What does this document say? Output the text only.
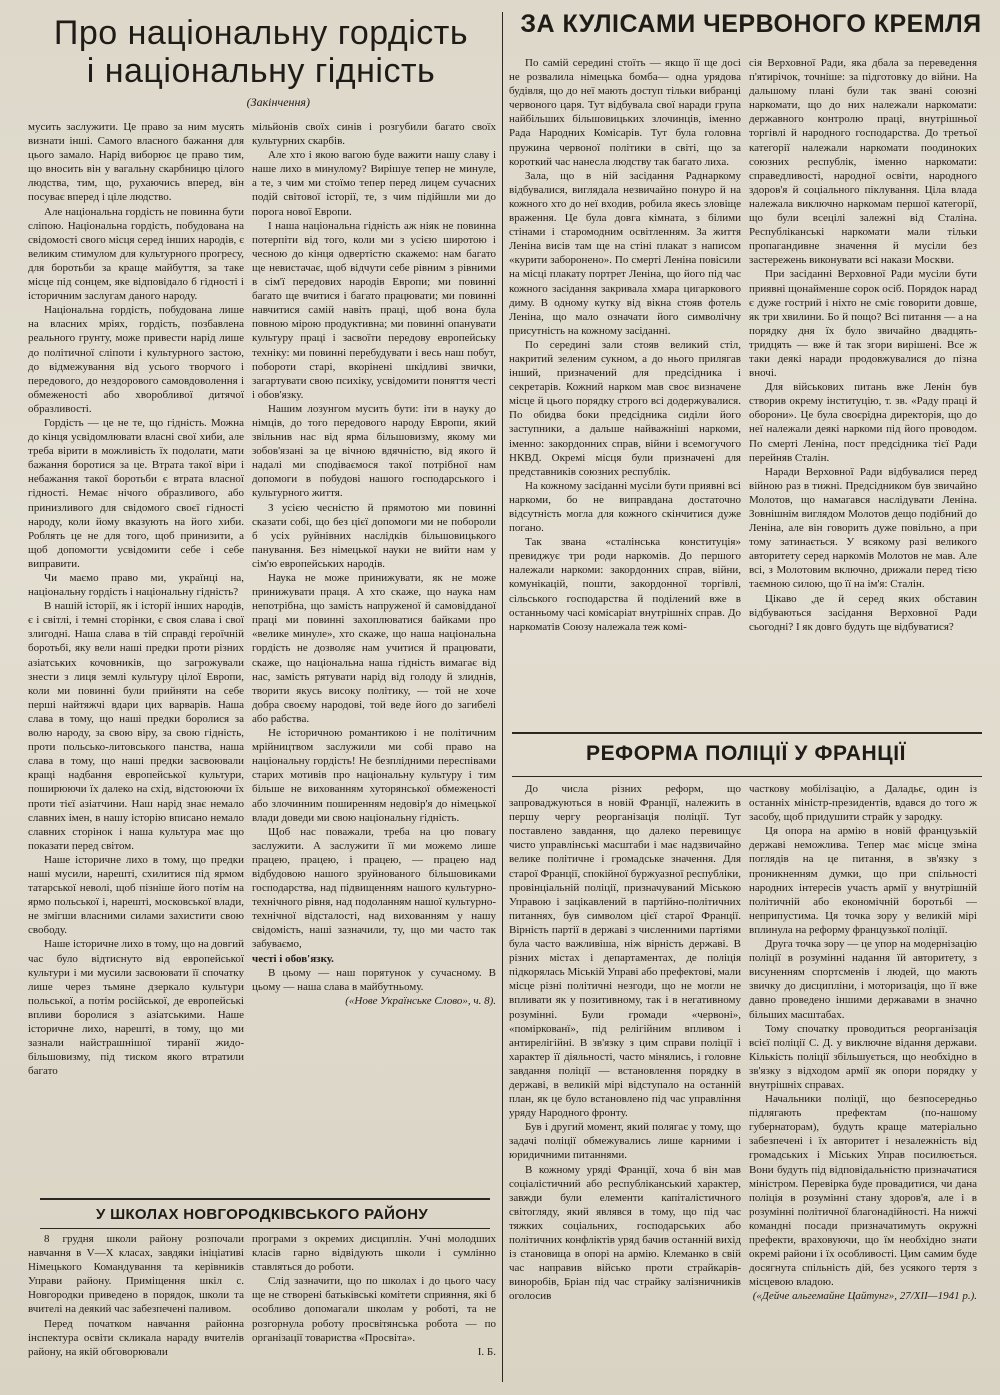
Про національну гордість
і національну гідність
(Закінчення)
ЗА КУЛІСАМИ ЧЕРВОНОГО КРЕМЛЯ

мусить заслужити. Це право за ним мусять визнати інші. Самого власного бажання для цього замало. Нарід виборює це право тим, що вносить він у вагальну скарбницю цілого людства, тим, що, рухаючись вперед, він посуває вперед і ціле людство.

Але національна гордість не повинна бути сліпою. Національна гордість, побудована на свідомості свого місця серед інших народів, є великим стимулом для культурного прогресу, для боротьби за краще майбуття, за таке місце під сонцем, яке відповідало б гідності і історичним заслугам даного народу.

Національна гордість, побудована лише на власних мріях, гордість, позбавлена реального грунту, може привести нарід лише до політичної сліпоти і культурного застою, до відмежування від усього творчого і передового, до нездорового самовдоволення і обмеженості або хворобливої дитячої образливості.

Гордість — це не те, що гідність. Можна до кінця усвідомлювати власні свої хиби, але треба вірити в можливість їх подолати, мати бажання боротися за це. Втрата такої віри і небажання такої боротьби є втрата власної гідності. Немає нічого образливого, або принизливого для свідомого своєї гідності народу, коли йому вказують на його хиби. Роблять це не для того, щоб принизити, а щоб допомогти усвідомити себе і себе виправити.

Чи маємо право ми, українці на, національну гордість і національну гідність?

В нашій історії, як і історії інших народів, є і світлі, і темні сторінки, є своя слава і свої злигодні. Наша слава в тій справді героїчній боротьбі, яку вели наші предки проти різних азіатських кочовників, що загрожували знести з лиця землі культуру цілої Европи, коли ми повинні були прийняти на себе перші найтяжчі вдари цих варварів. Наша слава в тому, що наші предки боролися за волю народу, за свою віру, за свою гідність, проти польсько-литовського панства, наша слава в тому, що наші предки засвоювали кращі надбання европейської культури, поширюючи їх далеко на схід, відстоюючи їх проти тієї азіатчини. Наш нарід знає немало славних імен, в нашу історію вписано немало славних сторінок і наша культура має що показати перед світом.

Наше історичне лихо в тому, що предки наші мусили, нарешті, схилитися під ярмом татарської неволі, щоб пізніше його потім на ярмо польської і, нарешті, московської влади, не змігши власними силами захистити свою свободу.

Наше історичне лихо в тому, що на довгий час було відтиснуто від европейської культури і ми мусили засвоювати її спочатку лише через тьмяне дзеркало культури польської, а потім російської, де европейські впливи боролися з азіатськими. Наше історичне лихо, нарешті, в тому, що ми зазнали найстрашнішої тиранії жидо-більшовизму, під тиском якого втратили багато

мільйонів своїх синів і розгубили багато своїх культурних скарбів.

Але хто і якою вагою буде важити нашу славу і наше лихо в минулому? Вирішуе тепер не минуле, а те, з чим ми стоїмо тепер перед лицем сучасних подій світової історії, те, з чим підійшли ми до порога нової Европи.

І наша національна гідність аж ніяк не повинна потерпіти від того, коли ми з усією широтою і чесною до кінця одвертістю скажемо: нам багато ще невистачає, щоб відчути себе рівним з рівними в сім'ї передових народів Европи; ми повинні багато ще вчитися і багато працювати; ми повинні навчитися самій навіть праці, щоб вона була повною мірою продуктивна; ми повинні опанувати культуру праці і засвоїти передову европейську техніку: ми повинні перебудувати і весь наш побут, побороти старі, вкорінені шкідливі звички, загартувати свою психіку, усвідомити поняття честі і обов'язку.

Нашим лозунгом мусить бути: іти в науку до німців, до того передового народу Европи, який звільнив нас від ярма більшовизму, якому ми зобов'язані за це вічною вдячністю, від якого й надалі ми сподіваємося такої потрібної нам допомоги в побудові нашого господарського і культурного життя.

З усією чесністю й прямотою ми повинні сказати собі, що без цієї допомоги ми не побороли б усіх руйнівних наслідків більшовицького панування. Без німецької науки не вийти нам у сім'ю европейських народів.

Наука не може принижувати, як не може принижувати праця. А хто скаже, що наука нам непотрібна, що замість напруженої й самовідданої праці ми повинні захоплюватися байками про «велике минуле», хто скаже, що наша національна гордість не дозволяє нам учитися й працювати, скаже, що національна наша гідність вимагає від нас, замість рятувати нарід від голоду й злиднів, творити якусь високу політику, — той не хоче добра своєму народові, той веде його до загибелі або рабства.

Не історичною романтикою і не політичним мрійництвом заслужили ми собі право на національну гордість! Не безплідними переспівами старих мотивів про національну культуру і тим більше не вихованням хуторянської обмеженості або злочинним поширенням недовір'я до німецької влади доведи ми свою національну гідність.

Щоб нас поважали, треба на цю повагу заслужити. А заслужити її ми можемо лише працею, працею, і працею, — працею над відбудовою нашого зруйнованого більшовиками господарства, над підвищенням нашого культурно-технічного рівня, над подоланням нашої культурно-технічної відсталості, над вихованням у нашу свідомість, наші зазначили, ту, що ми часто так забуваємо,

честі і обов'язку.

В цьому — наш порятунок у сучасному. В цьому — наша слава в майбутньому.

(«Нове Українське Слово», ч. 8).

У ШКОЛАХ НОВГОРОДКІВСЬКОГО РАЙОНУ

8 грудня школи району розпочали навчання в V—X класах, завдяки ініціативі Німецького Командування та керівників Управи району. Приміщення шкіл с. Новгородки приведено в порядок, школи та вчителі на деякий час забезпечені паливом.

Перед початком навчання районна інспектура освіти скликала нараду вчителів району, на якій обговорювали

програми з окремих дисциплін. Учні молодших класів гарно відвідують школи і сумлінно ставляться до роботи.

Слід зазначити, що по школах і до цього часу ще не створені батьківські комітети сприяння, які б особливо допомагали школам у роботі, та не розгорнула роботу просвітянська робота — по організації товариства «Просвіта».

І. Б.

По самій середині стоїть — якщо її ще досі не розвалила німецька бомба— одна урядова будівля, що до неї мають доступ тільки вибранці червоного царя. Тут відбувала свої наради група найбільших більшовицьких злочинців, іменно Рада Народних Комісарів. Тут була головна пружина червоної політики в світі, що за короткий час нанесла людству так багато лиха.

Зала, що в ній засідання Раднаркому відбувалися, виглядала незвичайно понуро й на кожного хто до неї входив, робила якесь зловіще враження. Це була довга кімната, з білими стінами і старомодним освітленням. За життя Леніна висів там ще на стіні плакат з написом «курити заборонено». По смерті Леніна повісили на місці плакату портрет Леніна, що його під час кожного засідання закривала хмара цигаркового диму. В одному кутку від вікна стояв фотель Леніна, що мало означати його символічну присутність на кожному засіданні.

По середині зали стояв великий стіл, накритий зеленим сукном, а до нього прилягав інший, призначений для предсідника і секретарів. Кожний нарком мав своє визначене місце й цього порядку строго всі додержувалися. По обидва боки предсідника сиділи його заступники, а дальше найважніші наркоми, іменно: закордонних справ, війни і всемогучого НКВД. Окремі місця були призначені для представників союзних республік.

На кожному засіданні мусіли бути приявні всі наркоми, бо не виправдана достаточно відсутність могла для кожного скінчитися дуже погано.

Так звана «сталінська конституція» превиджує три роди наркомів. До першого належали наркоми: закордонних справ, війни, комунікацій, пошти, закордонної торгівлі, сільського господарства й поділений вже в останньому часі комісаріат внутрішніх справ. До наркоматів Союзу належала теж комі-

сія Верховної Ради, яка дбала за переведення п'ятирічок, точніше: за підготовку до війни. На дальшому плані були так звані союзні наркомати, що до них належали наркомати: державного контролю праці, внутрішньої торгівлі й народного господарства. До третьої категорії належали наркомати поодиноких союзних республік, іменно наркомати: справедливості, народної освіти, народного здоров'я й соціального піклування. Ціла влада належала виключно наркомам першої категорії, що були всецілі залежні від Сталіна. Республіканські наркомати мали тільки пропагандивне значення й мусіли без застережень виконувати всі накази Москви.

При засіданні Верховної Ради мусіли бути приявні щонайменше сорок осіб. Порядок нарад є дуже гострий і ніхто не сміє говорити довше, як три хвилини. Бо й пощо? Всі питання — а на порядку дня їх було звичайно двадцять-тридцять — вже й так згори вирішені. Все ж таки деякі наради продовжувалися до пізна вночі.

Для військових питань вже Ленін був створив окрему інституцію, т. зв. «Раду праці й оборони». Це була своєрідна директорія, що до неї належали деякі наркоми під його проводом. По смерті Леніна, пост предсідника тієї Ради перейняв Сталін.

Наради Верховної Ради відбувалися перед війною раз в тижні. Предсідником був звичайно Молотов, що намагався наслідувати Леніна. Зовнішнім виглядом Молотов дещо подібний до Леніна, але він говорить дуже повільно, а при тому затинається. У всякому разі великого авторитету серед наркомів Молотов не мав. Але всі, з Молотовим включно, дрижали перед тією таємною силою, що її на ім'я: Сталін.

Цікаво ,де й серед яких обставин відбуваються засідання Верховної Ради сьогодні? І як довго будуть ще відбуватися?

РЕФОРМА ПОЛІЦІЇ У ФРАНЦІЇ

До числа різних реформ, що запроваджуються в новій Франції, належить в першу чергу реорганізація поліції. Тут поставлено завдання, що далеко перевищує чисто управлінські масштаби і має надзвичайно велике політичне і громадське значення. Для старої Франції, спокійної буржуазної республіки, провінціальній поліції, призначуваний Міською Управою і зацікавлений в партійно-політичних питаннях, був символом цієї старої Франції. Вірність партії в державі з численними партіями була часто важливіша, ніж вірність державі. В різних містах і департаментах, де поліція підкорялась Міській Управі або префектові, мали місце різні політичні незгоди, що не могли не впливати як у позитивному, так і в негативному розумінні. Були громади «червоні», «поміркованї», під релігійним впливом і антирелігійні. В зв'язку з цим справи поліції і характер її діяльності, часто мінялись, і головне завдання поліції — встановлення порядку в державі, в великій мірі відступало на останній план, як це було встановлено під час управління уряду Народного фронту.

Був і другий момент, який полягає у тому, що задачі поліції обмежувались лише карними і юридичними питаннями.

В кожному уряді Франції, хоча б він мав соціалістичний або республіканський характер, завжди були елементи капіталістичного світогляду, який являвся в тому, що під час тяжких соціальних, господарських або політичних конфліктів уряд бачив останній вихід із становища в опорі на армію. Клеманко в свій час направив військо проти страйкарів-виноробів, Бріан під час страйку залізничників оголосив

часткову мобілізацію, а Даладьє, один із останніх міністр-президентів, вдався до того ж засобу, щоб придушити страйк у зародку.

Ця опора на армію в новій французькій державі неможлива. Тепер має місце зміна поглядів на це питання, в зв'язку з проникненням думки, що при спільності народних інтересів участь армії у внутрішній політичній або економічній боротьбі — неприпустима. Ця точка зору у великій мірі вплинула на реформу французької поліції.

Друга точка зору — це упор на модернізацію поліції в розумінні надання їй авторитету, з висуненням спортсменів і людей, що мають звичку до дисципліни, і моторизація, що її вже давно проведено іншими державами в значно більших масштабах.

Тому спочатку проводиться реорганізація всієї поліції С. Д. у виключне відання держави. Кількість поліції збільшується, що необхідно в зв'язку з відходом армії як опори порядку у внутрішніх справах.

Начальники поліції, що безпосередньо підлягають префектам (по-нашому губернаторам), будуть краще матеріально забезпечені і їх авторитет і незалежність від громадських і Міських Управ посилюється. Вони будуть під відповідальністю призначатися міністром. Перевірка буде провадитися, чи дана поліція в розумінні стану здоров'я, але і в розумінні політичної благонадійності. На нижчі командні посади призначатимуть окружні префекти, враховуючи, що їм необхідно знати окремі райони і їх особливості. Цим самим буде досягнута спільність дій, без усякого тертя з місцевою владою.

(«Дейче альгемайне Цайтунг», 27/XII—1941 р.).
